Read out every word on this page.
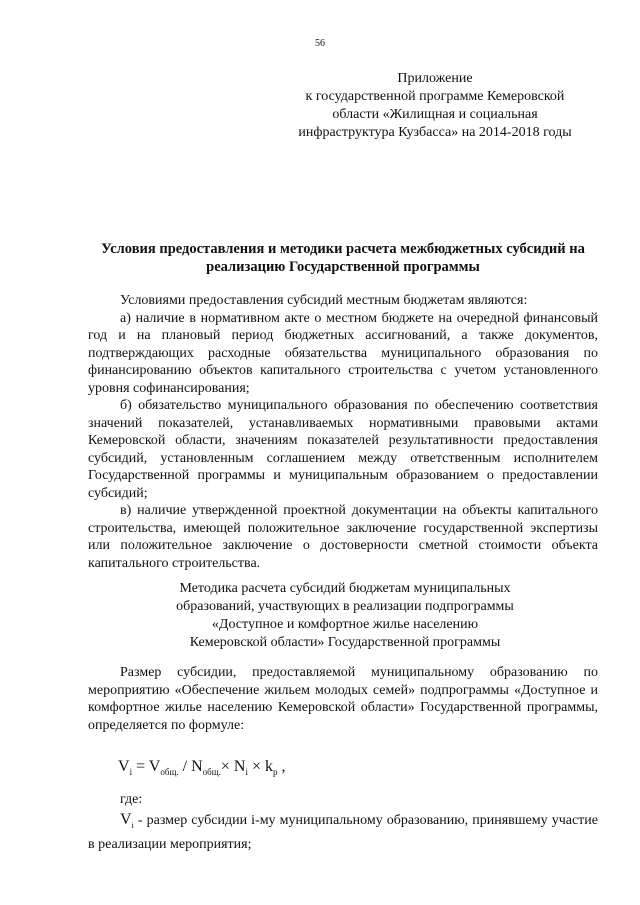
56
Приложение
к государственной программе Кемеровской
области «Жилищная и социальная
инфраструктура Кузбасса» на 2014-2018 годы
Условия предоставления и методики расчета межбюджетных субсидий на реализацию Государственной программы

Условиями предоставления субсидий местным бюджетам являются:

а) наличие в нормативном акте о местном бюджете на очередной финансовый год и на плановый период бюджетных ассигнований, а также документов, подтверждающих расходные обязательства муниципального образования по финансированию объектов капитального строительства с учетом установленного уровня софинансирования;

б) обязательство муниципального образования по обеспечению соответствия значений показателей, устанавливаемых нормативными правовыми актами Кемеровской области, значениям показателей результативности предоставления субсидий, установленным соглашением между ответственным исполнителем Государственной программы и муниципальным образованием о предоставлении субсидий;

в) наличие утвержденной проектной документации на объекты капитального строительства, имеющей положительное заключение государственной экспертизы или положительное заключение о достоверности сметной стоимости объекта капитального строительства.

Методика расчета субсидий бюджетам муниципальных
образований, участвующих в реализации подпрограммы
«Доступное и комфортное жилье населению
Кемеровской области» Государственной программы

Размер субсидии, предоставляемой муниципальному образованию по мероприятию «Обеспечение жильем молодых семей» подпрограммы «Доступное и комфортное жилье населению Кемеровской области» Государственной программы, определяется по формуле:

$V_i = V_{общ.} / N_{общ.}\times N_i \times k_p$ ,
где:
$V_i$ - размер субсидии i-му муниципальному образованию, принявшему участие в реализации мероприятия;
